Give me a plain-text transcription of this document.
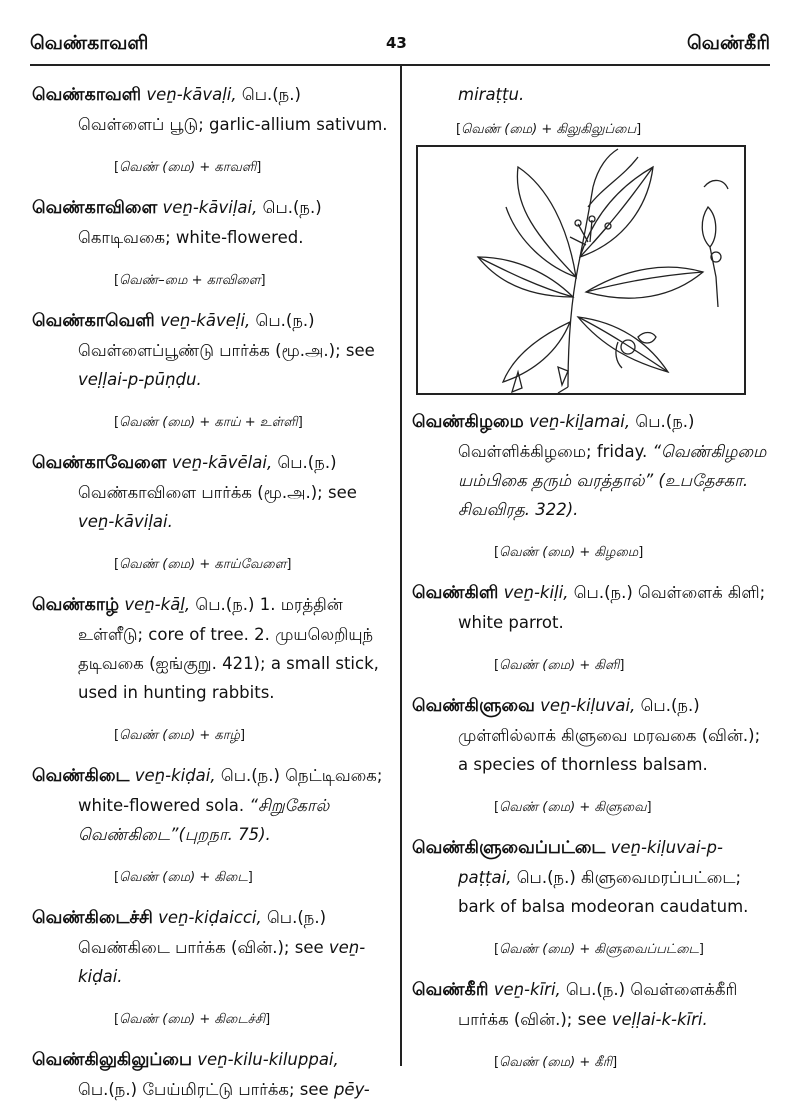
வெண்காவளி	43	வெண்கீரி

வெண்காவளி veṉ-kāvaḷi, பெ.(ந.)
வெள்ளைப் பூடு; garlic-allium sativum.

[வெண் (மை) + காவளி]

வெண்காவிளை veṉ-kāviḷai, பெ.(ந.)
கொடிவகை; white-flowered.

[வெண்–மை + காவிளை]

வெண்காவெளி veṉ-kāveḷi, பெ.(ந.)
வெள்ளைப்பூண்டு பார்க்க (மூ.அ.); see veḷḷai-p-pūṇḍu.

[வெண் (மை) + காய் + உள்ளி]

வெண்காவேளை veṉ-kāvēlai, பெ.(ந.)
வெண்காவிளை பார்க்க (மூ.அ.); see veṉ-kāviḷai.

[வெண் (மை) + காய்வேளை]

வெண்காழ் veṉ-kāḻ, பெ.(ந.) 1. மரத்தின் உள்ளீடு; core of tree. 2. முயலெறியுந் தடிவகை (ஐங்குறு. 421); a small stick, used in hunting rabbits.

[வெண் (மை) + காழ்]

வெண்கிடை veṉ-kiḍai, பெ.(ந.) நெட்டிவகை; white-flowered sola. “சிறுகோல் வெண்கிடை”(புறநா. 75).

[வெண் (மை) + கிடை]

வெண்கிடைச்சி veṉ-kiḍaicci, பெ.(ந.)
வெண்கிடை பார்க்க (வின்.); see veṉ-kiḍai.

[வெண் (மை) + கிடைச்சி]

வெண்கிலுகிலுப்பை veṉ-kilu-kiluppai,
பெ.(ந.) பேய்மிரட்டு பார்க்க; see pēy-

miraṭṭu.

[வெண் (மை) + கிலுகிலுப்பை]

வெண்கிழமை veṉ-kiḻamai, பெ.(ந.) வெள்ளிக்கிழமை; friday. “வெண்கிழமை யம்பிகை தரும் வரத்தால்” (உபதேசகா. சிவவிரத. 322).

[வெண் (மை) + கிழமை]

வெண்கிளி veṉ-kiḷi, பெ.(ந.) வெள்ளைக் கிளி; white parrot.

[வெண் (மை) + கிளி]

வெண்கிளுவை veṉ-kiḷuvai, பெ.(ந.) முள்ளில்லாக் கிளுவை மரவகை (வின்.); a species of thornless balsam.

[வெண் (மை) + கிளுவை]

வெண்கிளுவைப்பட்டை veṉ-kiḷuvai-p-paṭṭai, பெ.(ந.) கிளுவைமரப்பட்டை; bark of balsa modeoran caudatum.

[வெண் (மை) + கிளுவைப்பட்டை]

வெண்கீரி veṉ-kīri, பெ.(ந.) வெள்ளைக்கீரி பார்க்க (வின்.); see veḷḷai-k-kīri.

[வெண் (மை) + கீரி]
